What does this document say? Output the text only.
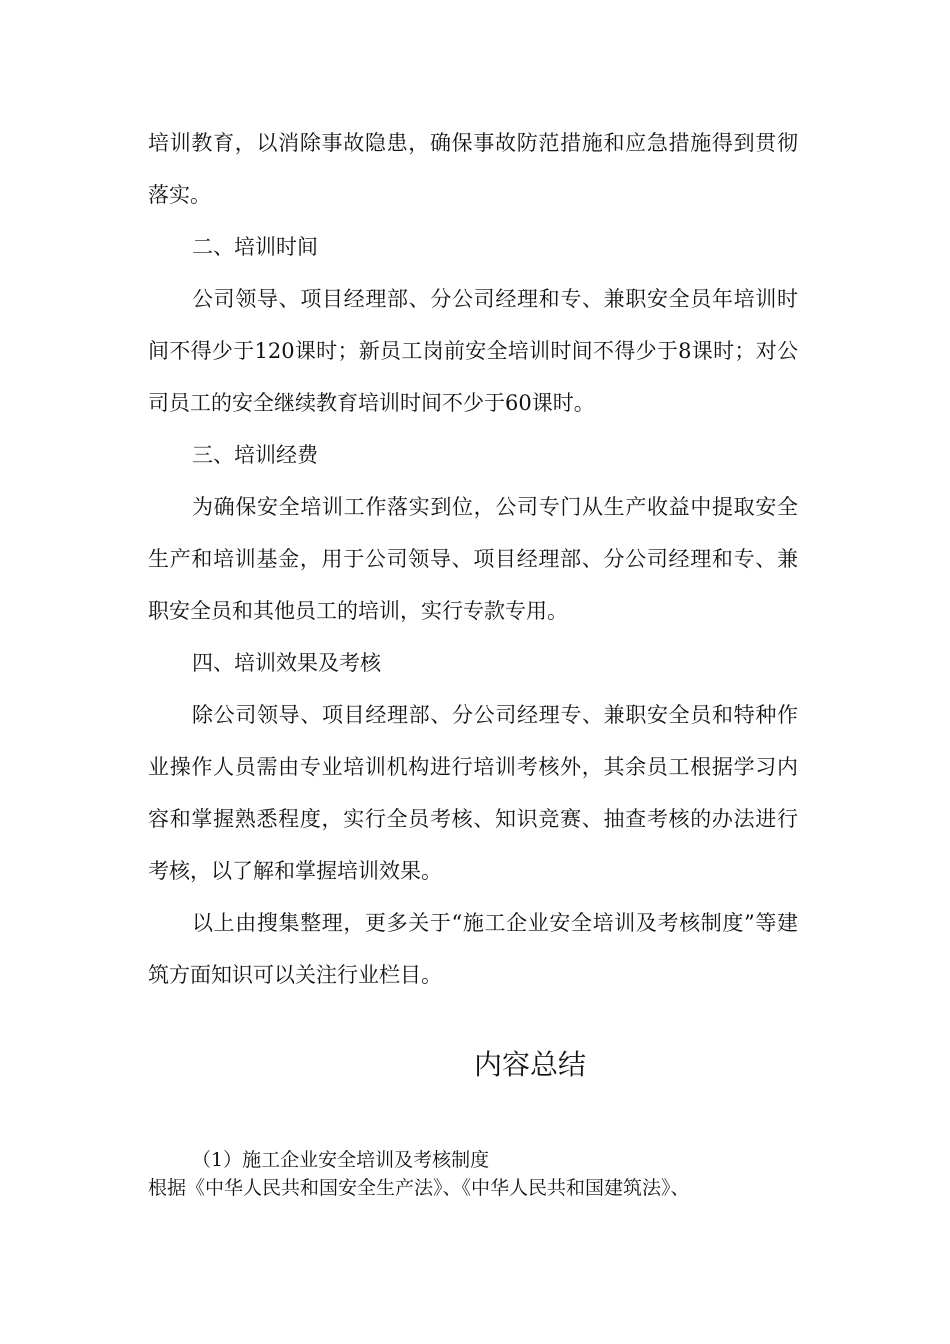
培训教育，以消除事故隐患，确保事故防范措施和应急措施得到贯彻落实。

二、培训时间

公司领导、项目经理部、分公司经理和专、兼职安全员年培训时间不得少于120课时；新员工岗前安全培训时间不得少于8课时；对公司员工的安全继续教育培训时间不少于60课时。

三、培训经费

为确保安全培训工作落实到位，公司专门从生产收益中提取安全生产和培训基金，用于公司领导、项目经理部、分公司经理和专、兼职安全员和其他员工的培训，实行专款专用。

四、培训效果及考核

除公司领导、项目经理部、分公司经理专、兼职安全员和特种作业操作人员需由专业培训机构进行培训考核外，其余员工根据学习内容和掌握熟悉程度，实行全员考核、知识竞赛、抽查考核的办法进行考核，以了解和掌握培训效果。

以上由搜集整理，更多关于“施工企业安全培训及考核制度”等建筑方面知识可以关注行业栏目。

内容总结

（1）施工企业安全培训及考核制度

根据《中华人民共和国安全生产法》、《中华人民共和国建筑法》、
